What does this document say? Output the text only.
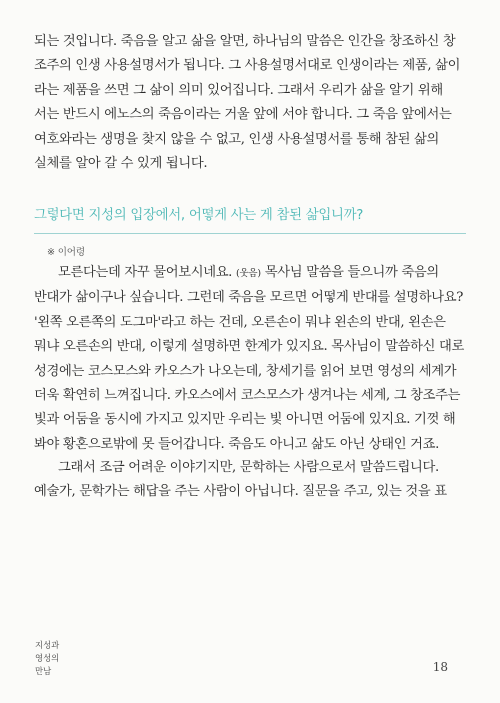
되는 것입니다. 죽음을 알고 삶을 알면, 하나님의 말씀은 인간을 창조하신 창
조주의 인생 사용설명서가 됩니다. 그 사용설명서대로 인생이라는 제품, 삶이
라는 제품을 쓰면 그 삶이 의미 있어집니다. 그래서 우리가 삶을 알기 위해
서는 반드시 에노스의 죽음이라는 거울 앞에 서야 합니다. 그 죽음 앞에서는
여호와라는 생명을 찾지 않을 수 없고, 인생 사용설명서를 통해 참된 삶의
실체를 알아 갈 수 있게 됩니다.
그렇다면 지성의 입장에서, 어떻게 사는 게 참된 삶입니까?
※ 이어령
모른다는데 자꾸 물어보시네요. (웃음) 목사님 말씀을 들으니까 죽음의
반대가 삶이구나 싶습니다. 그런데 죽음을 모르면 어떻게 반대를 설명하나요?
'왼쪽 오른쪽의 도그마'라고 하는 건데, 오른손이 뭐냐 왼손의 반대, 왼손은
뭐냐 오른손의 반대, 이렇게 설명하면 한계가 있지요. 목사님이 말씀하신 대로
성경에는 코스모스와 카오스가 나오는데, 창세기를 읽어 보면 영성의 세계가
더욱 확연히 느껴집니다. 카오스에서 코스모스가 생겨나는 세계, 그 창조주는
빛과 어둠을 동시에 가지고 있지만 우리는 빛 아니면 어둠에 있지요. 기껏 해
봐야 황혼으로밖에 못 들어갑니다. 죽음도 아니고 삶도 아닌 상태인 거죠.
그래서 조금 어려운 이야기지만, 문학하는 사람으로서 말씀드립니다.
예술가, 문학가는 해답을 주는 사람이 아닙니다. 질문을 주고, 있는 것을 표
지성과
영성의
만남	18
